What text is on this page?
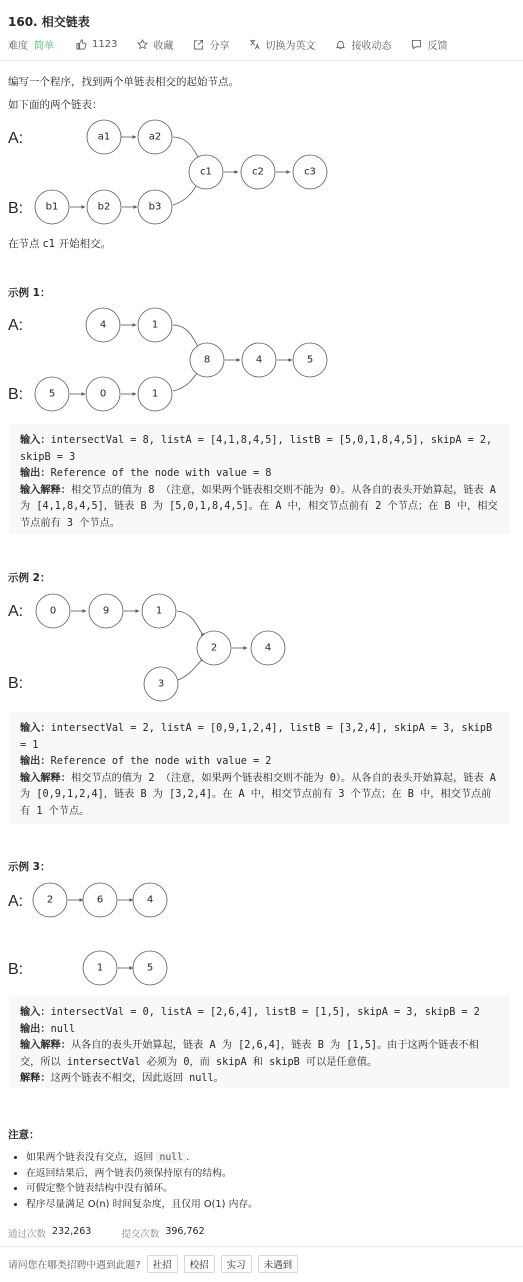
160. 相交链表
难度 简单	1123	收藏	分享	切换为英文	接收动态	反馈
编写一个程序，找到两个单链表相交的起始节点。
如下面的两个链表：
A:
B:
a1	a2
b1	b2	b3
c1	c2	c3
在节点 c1 开始相交。
示例 1：
A:
B:
4	1
5	0	1
8	4	5
输入：intersectVal = 8, listA = [4,1,8,4,5], listB = [5,0,1,8,4,5], skipA = 2, skipB = 3
输出：Reference of the node with value = 8
输入解释：相交节点的值为 8 （注意，如果两个链表相交则不能为 0）。从各自的表头开始算起，链表 A 为 [4,1,8,4,5]，链表 B 为 [5,0,1,8,4,5]。在 A 中，相交节点前有 2 个节点；在 B 中，相交节点前有 3 个节点。
示例 2：
A:
B:
0	9	1
3
2	4
输入：intersectVal = 2, listA = [0,9,1,2,4], listB = [3,2,4], skipA = 3, skipB = 1
输出：Reference of the node with value = 2
输入解释：相交节点的值为 2 （注意，如果两个链表相交则不能为 0）。从各自的表头开始算起，链表 A 为 [0,9,1,2,4]，链表 B 为 [3,2,4]。在 A 中，相交节点前有 3 个节点；在 B 中，相交节点前有 1 个节点。
示例 3：
A:
B:
2	6	4
1	5
输入：intersectVal = 0, listA = [2,6,4], listB = [1,5], skipA = 3, skipB = 2
输出：null
输入解释：从各自的表头开始算起，链表 A 为 [2,6,4]，链表 B 为 [1,5]。由于这两个链表不相交，所以 intersectVal 必须为 0，而 skipA 和 skipB 可以是任意值。
解释：这两个链表不相交，因此返回 null。
注意：
• 如果两个链表没有交点，返回 null .
• 在返回结果后，两个链表仍须保持原有的结构。
• 可假定整个链表结构中没有循环。
• 程序尽量满足 O(n) 时间复杂度，且仅用 O(1) 内存。
通过次数 232,263	提交次数 396,762
请问您在哪类招聘中遇到此题?	社招	校招	实习	未遇到
